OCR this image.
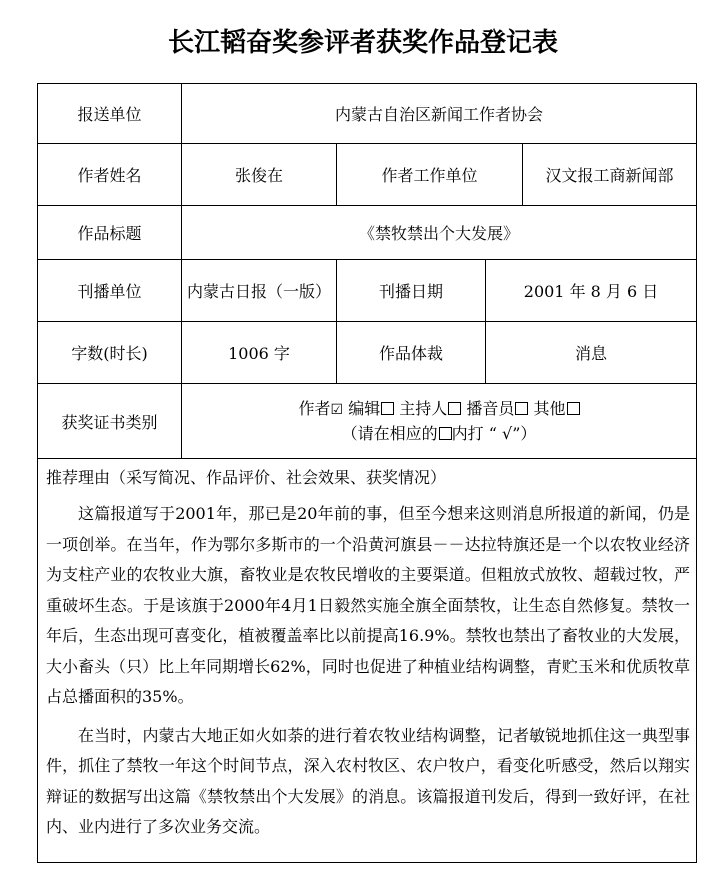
长江韬奋奖参评者获奖作品登记表
报送单位	内蒙古自治区新闻工作者协会			
作者姓名	张俊在	作者工作单位		汉文报工商新闻部
作品标题	《禁牧禁出个大发展》			
刊播单位	内蒙古日报（一版）	刊播日期	2001 年 8 月 6 日	
字数(时长)	1006 字	作品体裁	消息	
获奖证书类别	作者☑ 编辑 主持人 播音员 其他
（请在相应的 内打 “ √”）			

推荐理由（采写简况、作品评价、社会效果、获奖情况）

这篇报道写于2001年，那已是20年前的事，但至今想来这则消息所报道的新闻，仍是一项创举。在当年，作为鄂尔多斯市的一个沿黄河旗县－－达拉特旗还是一个以农牧业经济为支柱产业的农牧业大旗，畜牧业是农牧民增收的主要渠道。但粗放式放牧、超载过牧，严重破坏生态。于是该旗于2000年4月1日毅然实施全旗全面禁牧，让生态自然修复。禁牧一年后，生态出现可喜变化，植被覆盖率比以前提高16.9%。禁牧也禁出了畜牧业的大发展，大小畜头（只）比上年同期增长62%，同时也促进了种植业结构调整，青贮玉米和优质牧草占总播面积的35%。

在当时，内蒙古大地正如火如荼的进行着农牧业结构调整，记者敏锐地抓住这一典型事件，抓住了禁牧一年这个时间节点，深入农村牧区、农户牧户，看变化听感受，然后以翔实辩证的数据写出这篇《禁牧禁出个大发展》的消息。该篇报道刊发后，得到一致好评，在社内、业内进行了多次业务交流。				
